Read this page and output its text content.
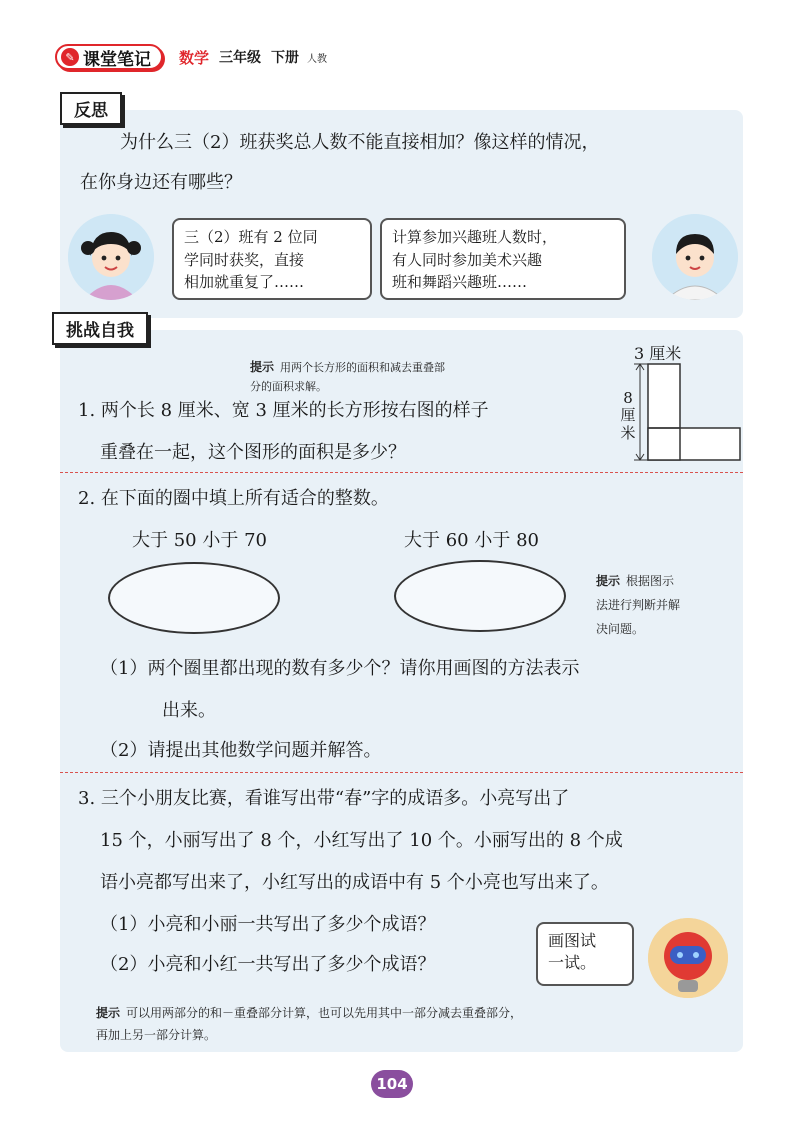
✎ 课堂笔记 数学 三年级 下册 人教
反思
为什么三（2）班获奖总人数不能直接相加？像这样的情况，
在你身边还有哪些？
三（2）班有 2 位同
学同时获奖，直接
相加就重复了……
计算参加兴趣班人数时，
有人同时参加美术兴趣
班和舞蹈兴趣班……
挑战自我
提示 用两个长方形的面积和减去重叠部
分的面积求解。
1. 两个长 8 厘米、宽 3 厘米的长方形按右图的样子
重叠在一起，这个图形的面积是多少？
3 厘米
8 厘米
2. 在下面的圈中填上所有适合的整数。
大于 50 小于 70	大于 60 小于 80
提示 根据图示
法进行判断并解
决问题。
（1）两个圈里都出现的数有多少个？请你用画图的方法表示
出来。
（2）请提出其他数学问题并解答。
3. 三个小朋友比赛，看谁写出带“春”字的成语多。小亮写出了
15 个，小丽写出了 8 个，小红写出了 10 个。小丽写出的 8 个成
语小亮都写出来了，小红写出的成语中有 5 个小亮也写出来了。
（1）小亮和小丽一共写出了多少个成语？
（2）小亮和小红一共写出了多少个成语？
画图试
一试。
提示 可以用两部分的和－重叠部分计算，也可以先用其中一部分减去重叠部分，
再加上另一部分计算。
104
